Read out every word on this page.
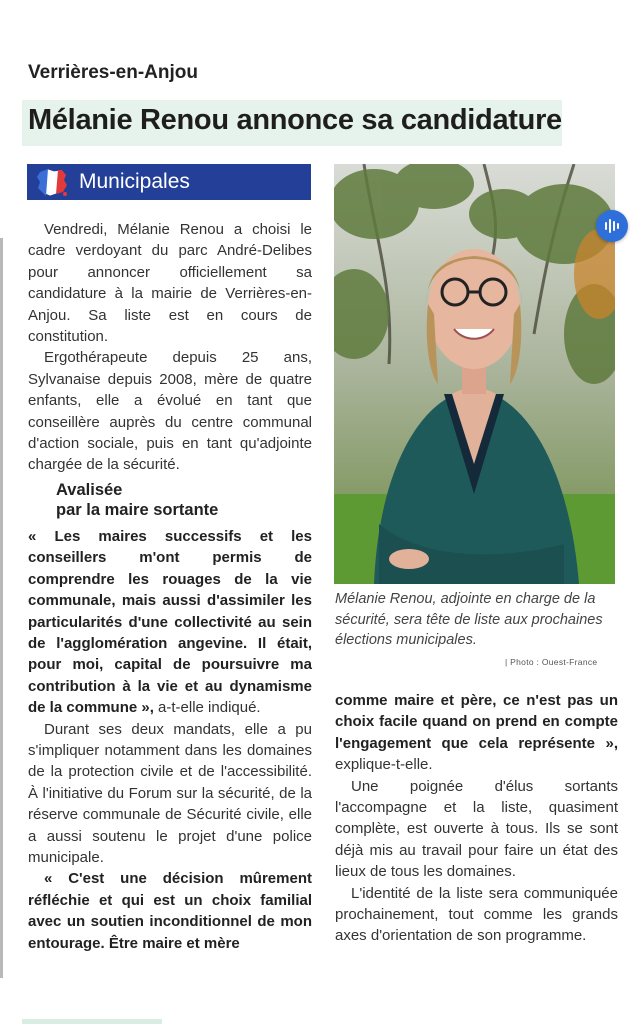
Verrières-en-Anjou
Mélanie Renou annonce sa candidature
Municipales

Vendredi, Mélanie Renou a choisi le cadre verdoyant du parc André-Delibes pour annoncer officiellement sa candidature à la mairie de Verrières-en-Anjou. Sa liste est en cours de constitution.

Ergothérapeute depuis 25 ans, Sylvanaise depuis 2008, mère de quatre enfants, elle a évolué en tant que conseillère auprès du centre communal d'action sociale, puis en tant qu'adjointe chargée de la sécurité.

Avalisée
par la maire sortante

« Les maires successifs et les conseillers m'ont permis de comprendre les rouages de la vie communale, mais aussi d'assimiler les particularités d'une collectivité au sein de l'agglomération angevine. Il était, pour moi, capital de poursuivre ma contribution à la vie et au dynamisme de la commune », a-t-elle indiqué.

Durant ses deux mandats, elle a pu s'impliquer notamment dans les domaines de la protection civile et de l'accessibilité. À l'initiative du Forum sur la sécurité, de la réserve communale de Sécurité civile, elle a aussi soutenu le projet d'une police municipale.

« C'est une décision mûrement réfléchie et qui est un choix familial avec un soutien inconditionnel de mon entourage. Être maire et mère

Mélanie Renou, adjointe en charge de la sécurité, sera tête de liste aux prochaines élections municipales.
| Photo : Ouest-France

comme maire et père, ce n'est pas un choix facile quand on prend en compte l'engagement que cela représente », explique-t-elle.

Une poignée d'élus sortants l'accompagne et la liste, quasiment complète, est ouverte à tous. Ils se sont déjà mis au travail pour faire un état des lieux de tous les domaines.

L'identité de la liste sera communiquée prochainement, tout comme les grands axes d'orientation de son programme.
